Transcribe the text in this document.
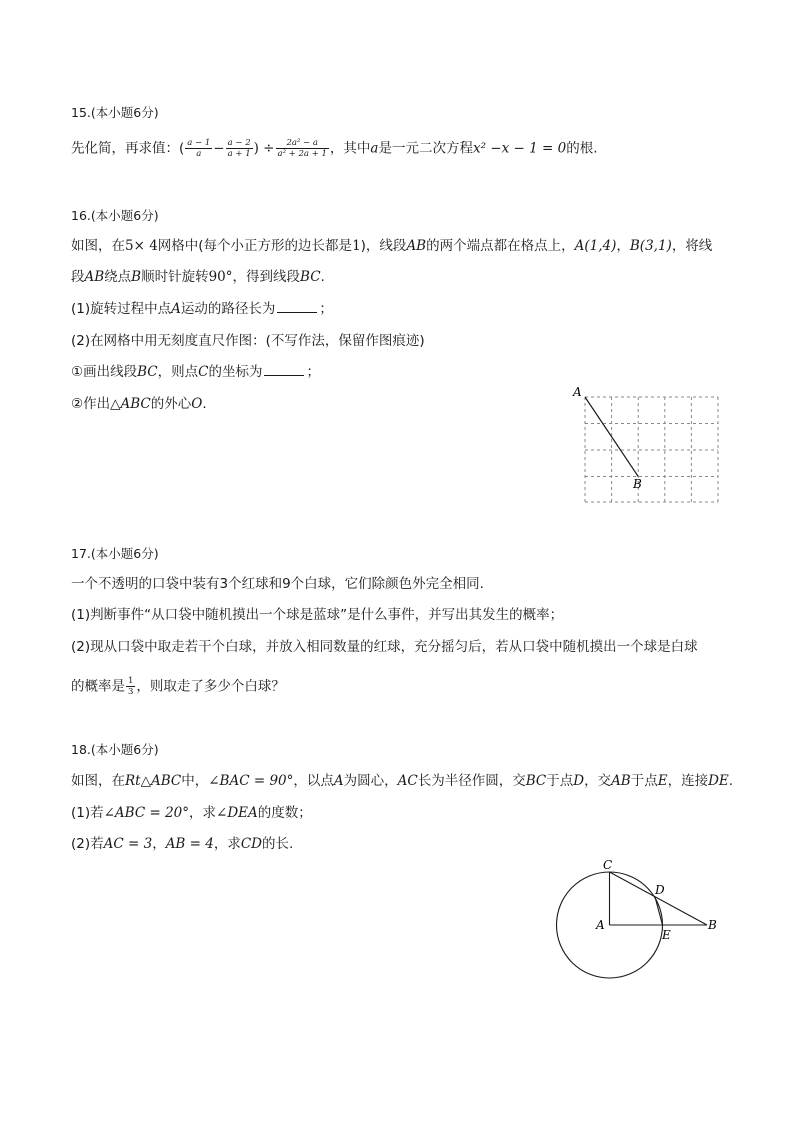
15.(本小题6分)
先化简，再求值：( $\frac{a - 1}{a} - \frac{a - 2}{a + 1}$ ) ÷ $\frac{\text{2a² − a}}{\text{a² + 2a + 1}}$ ，其中a是一元二次方程x² −x − 1 = 0的根.
16.(本小题6分)
如图，在5× 4网格中(每个小正方形的边长都是1)，线段AB的两个端点都在格点上，A(1,4)，B(3,1)，将线
段AB绕点B顺时针旋转90°，得到线段BC.
(1)旋转过程中点A运动的路径长为	；
(2)在网格中用无刻度直尺作图：(不写作法，保留作图痕迹)
①画出线段BC，则点C的坐标为	；
②作出△ABC的外心O.
A
B
17.(本小题6分)
一个不透明的口袋中装有3个红球和9个白球，它们除颜色外完全相同.
(1)判断事件“从口袋中随机摸出一个球是蓝球”是什么事件，并写出其发生的概率；
(2)现从口袋中取走若干个白球，并放入相同数量的红球，充分摇匀后，若从口袋中随机摸出一个球是白球
的概率是 $\frac{1}{3}$ ，则取走了多少个白球？
18.(本小题6分)
如图，在Rt△ABC中，∠BAC = 90°，以点A为圆心，AC长为半径作圆，交BC于点D，交AB于点E，连接DE.
(1)若∠ABC = 20°，求∠DEA的度数；
(2)若AC = 3，AB = 4，求CD的长.
C
D
A
E
B
